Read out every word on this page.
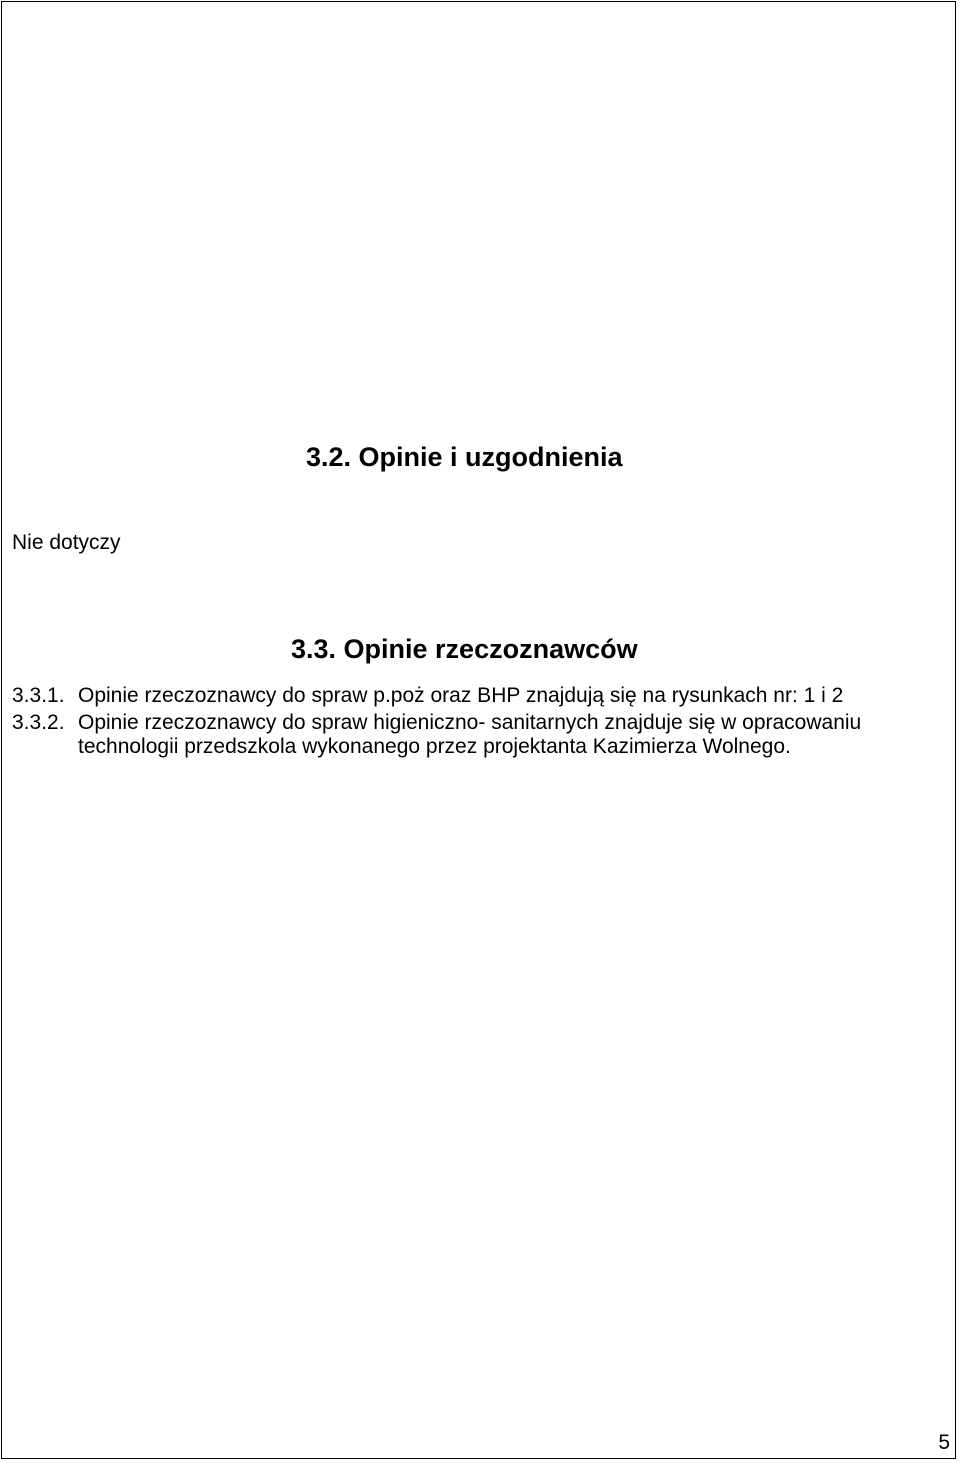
3.2. Opinie i uzgodnienia
Nie dotyczy
3.3. Opinie rzeczoznawców
3.3.1. Opinie rzeczoznawcy do spraw p.poż oraz BHP znajdują się na rysunkach nr: 1 i 2
3.3.2. Opinie rzeczoznawcy do spraw higieniczno- sanitarnych znajduje się w opracowaniu technologii przedszkola wykonanego przez projektanta Kazimierza Wolnego.
5
